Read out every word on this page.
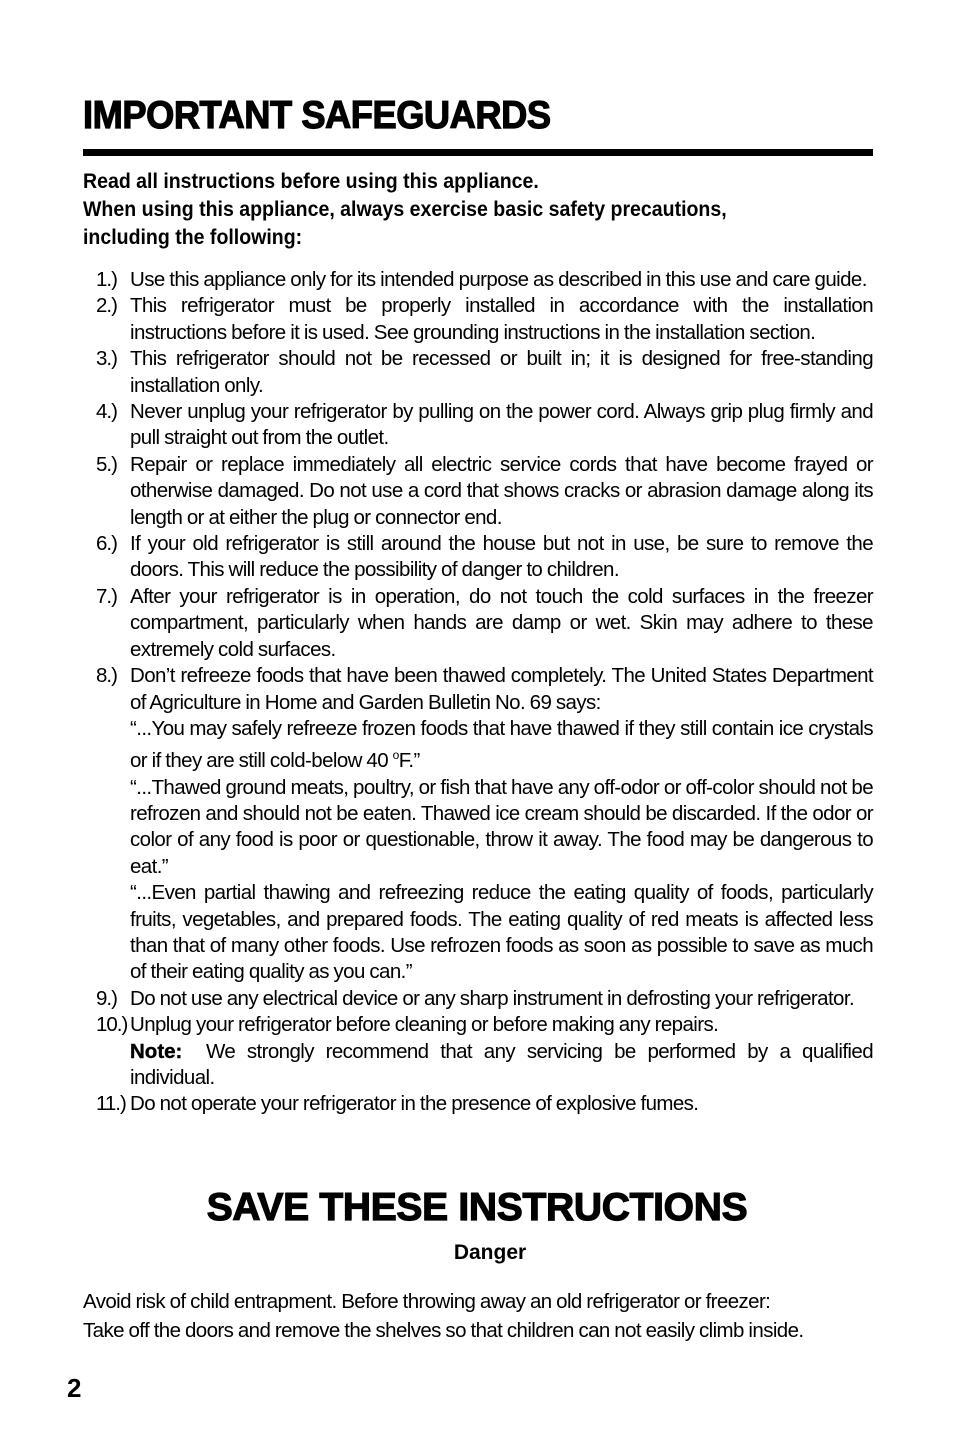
IMPORTANT SAFEGUARDS
Read all instructions before using this appliance.
When using this appliance, always exercise basic safety precautions,
including the following:
1.) Use this appliance only for its intended purpose as described in this use and care guide.
2.) This refrigerator must be properly installed in accordance with the installation instructions before it is used. See grounding instructions in the installation section.
3.) This refrigerator should not be recessed or built in; it is designed for free-standing installation only.
4.) Never unplug your refrigerator by pulling on the power cord. Always grip plug firmly and pull straight out from the outlet.
5.) Repair or replace immediately all electric service cords that have become frayed or otherwise damaged. Do not use a cord that shows cracks or abrasion damage along its length or at either the plug or connector end.
6.) If your old refrigerator is still around the house but not in use, be sure to remove the doors. This will reduce the possibility of danger to children.
7.) After your refrigerator is in operation, do not touch the cold surfaces in the freezer compartment, particularly when hands are damp or wet. Skin may adhere to these extremely cold surfaces.
8.) Don’t refreeze foods that have been thawed completely. The United States Department of Agriculture in Home and Garden Bulletin No. 69 says:
“...You may safely refreeze frozen foods that have thawed if they still contain ice crystals or if they are still cold-below 40 $^o$F.”
“...Thawed ground meats, poultry, or fish that have any off-odor or off-color should not be refrozen and should not be eaten. Thawed ice cream should be discarded. If the odor or color of any food is poor or questionable, throw it away. The food may be dangerous to eat.”
“...Even partial thawing and refreezing reduce the eating quality of foods, particularly fruits, vegetables, and prepared foods. The eating quality of red meats is affected less than that of many other foods. Use refrozen foods as soon as possible to save as much of their eating quality as you can.”
9.) Do not use any electrical device or any sharp instrument in defrosting your refrigerator.
10.) Unplug your refrigerator before cleaning or before making any repairs.
Note: We strongly recommend that any servicing be performed by a qualified individual.
11.) Do not operate your refrigerator in the presence of explosive fumes.
SAVE THESE INSTRUCTIONS
Danger
Avoid risk of child entrapment. Before throwing away an old refrigerator or freezer:
Take off the doors and remove the shelves so that children can not easily climb inside.
2
